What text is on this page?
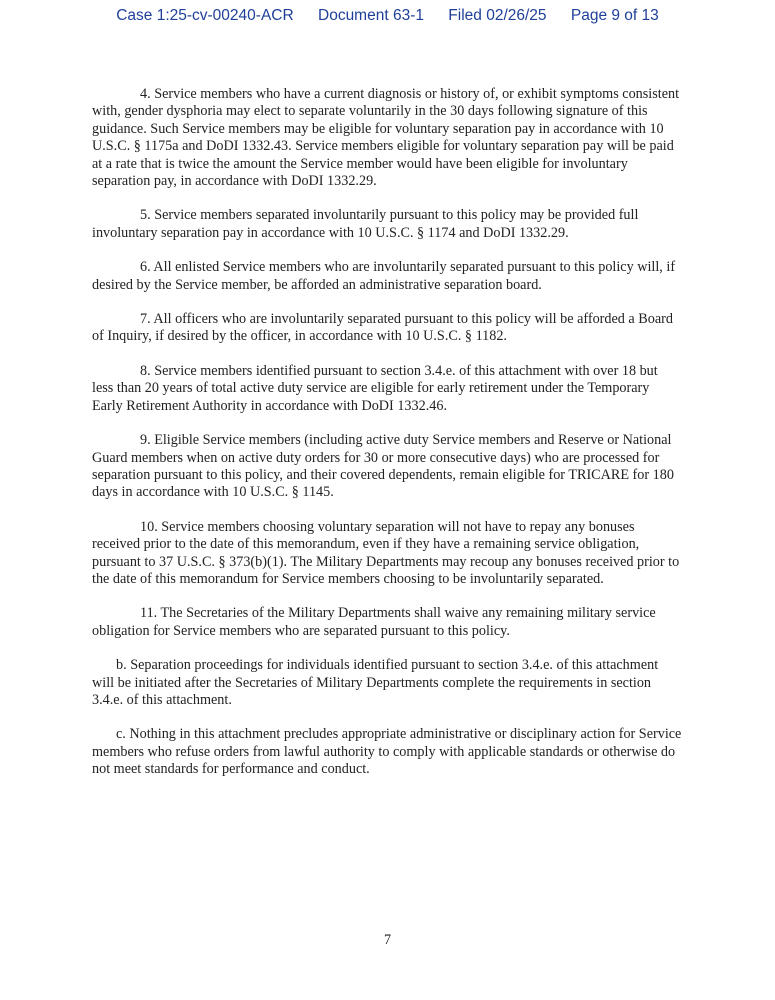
Case 1:25-cv-00240-ACR Document 63-1 Filed 02/26/25 Page 9 of 13

4. Service members who have a current diagnosis or history of, or exhibit symptoms consistent with, gender dysphoria may elect to separate voluntarily in the 30 days following signature of this guidance. Such Service members may be eligible for voluntary separation pay in accordance with 10 U.S.C. § 1175a and DoDI 1332.43. Service members eligible for voluntary separation pay will be paid at a rate that is twice the amount the Service member would have been eligible for involuntary separation pay, in accordance with DoDI 1332.29.

5. Service members separated involuntarily pursuant to this policy may be provided full involuntary separation pay in accordance with 10 U.S.C. § 1174 and DoDI 1332.29.

6. All enlisted Service members who are involuntarily separated pursuant to this policy will, if desired by the Service member, be afforded an administrative separation board.

7. All officers who are involuntarily separated pursuant to this policy will be afforded a Board of Inquiry, if desired by the officer, in accordance with 10 U.S.C. § 1182.

8. Service members identified pursuant to section 3.4.e. of this attachment with over 18 but less than 20 years of total active duty service are eligible for early retirement under the Temporary Early Retirement Authority in accordance with DoDI 1332.46.

9. Eligible Service members (including active duty Service members and Reserve or National Guard members when on active duty orders for 30 or more consecutive days) who are processed for separation pursuant to this policy, and their covered dependents, remain eligible for TRICARE for 180 days in accordance with 10 U.S.C. § 1145.

10. Service members choosing voluntary separation will not have to repay any bonuses received prior to the date of this memorandum, even if they have a remaining service obligation, pursuant to 37 U.S.C. § 373(b)(1). The Military Departments may recoup any bonuses received prior to the date of this memorandum for Service members choosing to be involuntarily separated.

11. The Secretaries of the Military Departments shall waive any remaining military service obligation for Service members who are separated pursuant to this policy.

b. Separation proceedings for individuals identified pursuant to section 3.4.e. of this attachment will be initiated after the Secretaries of Military Departments complete the requirements in section 3.4.e. of this attachment.

c. Nothing in this attachment precludes appropriate administrative or disciplinary action for Service members who refuse orders from lawful authority to comply with applicable standards or otherwise do not meet standards for performance and conduct.

7
